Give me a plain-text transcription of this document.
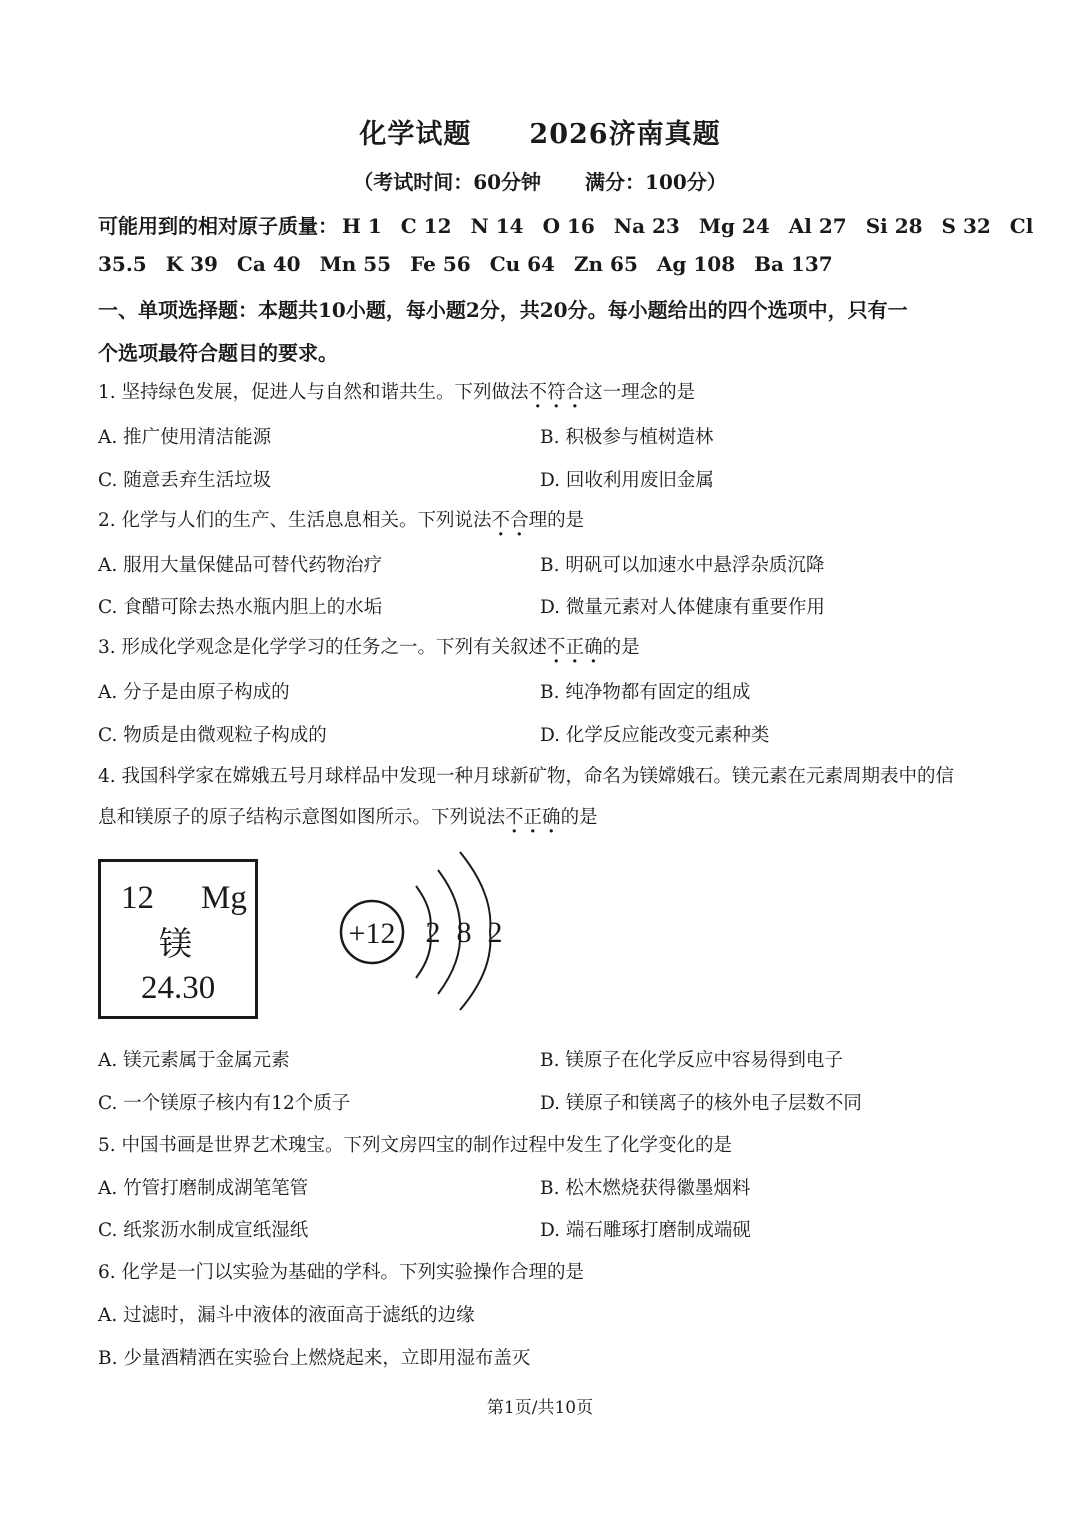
化学试题 2026济南真题
（考试时间：60分钟 满分：100分）
可能用到的相对原子质量： H 1 C 12 N 14 O 16 Na 23 Mg 24 Al 27 Si 28 S 32 Cl
35.5 K 39 Ca 40 Mn 55 Fe 56 Cu 64 Zn 65 Ag 108 Ba 137
一、单项选择题：本题共10小题，每小题2分，共20分。每小题给出的四个选项中，只有一
个选项最符合题目的要求。
1. 坚持绿色发展，促进人与自然和谐共生。下列做法不符合这一理念的是
A. 推广使用清洁能源	B. 积极参与植树造林
C. 随意丢弃生活垃圾	D. 回收利用废旧金属
2. 化学与人们的生产、生活息息相关。下列说法不合理的是
A. 服用大量保健品可替代药物治疗	B. 明矾可以加速水中悬浮杂质沉降
C. 食醋可除去热水瓶内胆上的水垢	D. 微量元素对人体健康有重要作用
3. 形成化学观念是化学学习的任务之一。下列有关叙述不正确的是
A. 分子是由原子构成的	B. 纯净物都有固定的组成
C. 物质是由微观粒子构成的	D. 化学反应能改变元素种类
4. 我国科学家在嫦娥五号月球样品中发现一种月球新矿物，命名为镁嫦娥石。镁元素在元素周期表中的信
息和镁原子的原子结构示意图如图所示。下列说法不正确的是
12 Mg
镁
24.30
+12 2 8 2
A. 镁元素属于金属元素	B. 镁原子在化学反应中容易得到电子
C. 一个镁原子核内有12个质子	D. 镁原子和镁离子的核外电子层数不同
5. 中国书画是世界艺术瑰宝。下列文房四宝的制作过程中发生了化学变化的是
A. 竹管打磨制成湖笔笔管	B. 松木燃烧获得徽墨烟料
C. 纸浆沥水制成宣纸湿纸	D. 端石雕琢打磨制成端砚
6. 化学是一门以实验为基础的学科。下列实验操作合理的是
A. 过滤时，漏斗中液体的液面高于滤纸的边缘
B. 少量酒精洒在实验台上燃烧起来，立即用湿布盖灭
第1页/共10页
